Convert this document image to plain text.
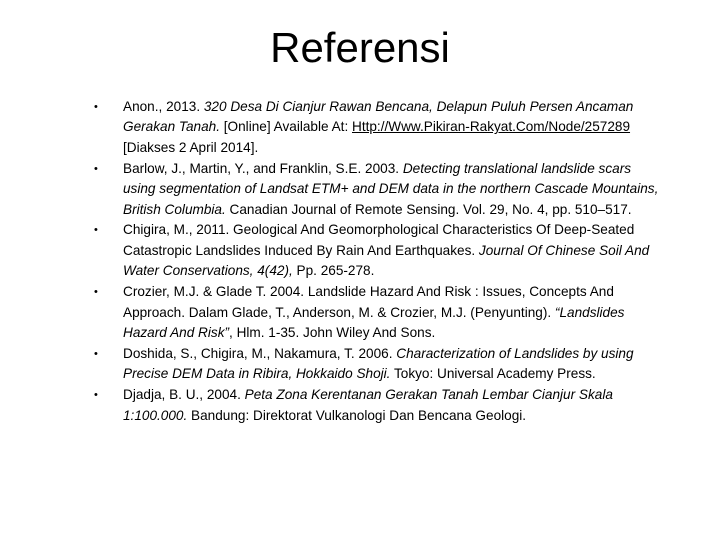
Referensi
• Anon., 2013. 320 Desa Di Cianjur Rawan Bencana, Delapun Puluh Persen Ancaman Gerakan Tanah. [Online] Available At: Http://Www.Pikiran-Rakyat.Com/Node/257289 [Diakses 2 April 2014].
• Barlow, J., Martin, Y., and Franklin, S.E. 2003. Detecting translational landslide scars using segmentation of Landsat ETM+ and DEM data in the northern Cascade Mountains, British Columbia. Canadian Journal of Remote Sensing. Vol. 29, No. 4, pp. 510–517.
• Chigira, M., 2011. Geological And Geomorphological Characteristics Of Deep-Seated Catastropic Landslides Induced By Rain And Earthquakes. Journal Of Chinese Soil And Water Conservations, 4(42), Pp. 265-278.
• Crozier, M.J. & Glade T. 2004. Landslide Hazard And Risk : Issues, Concepts And Approach. Dalam Glade, T., Anderson, M. & Crozier, M.J. (Penyunting). “Landslides Hazard And Risk”, Hlm. 1-35. John Wiley And Sons.
• Doshida, S., Chigira, M., Nakamura, T. 2006. Characterization of Landslides by using Precise DEM Data in Ribira, Hokkaido Shoji. Tokyo: Universal Academy Press.
• Djadja, B. U., 2004. Peta Zona Kerentanan Gerakan Tanah Lembar Cianjur Skala 1:100.000. Bandung: Direktorat Vulkanologi Dan Bencana Geologi.
